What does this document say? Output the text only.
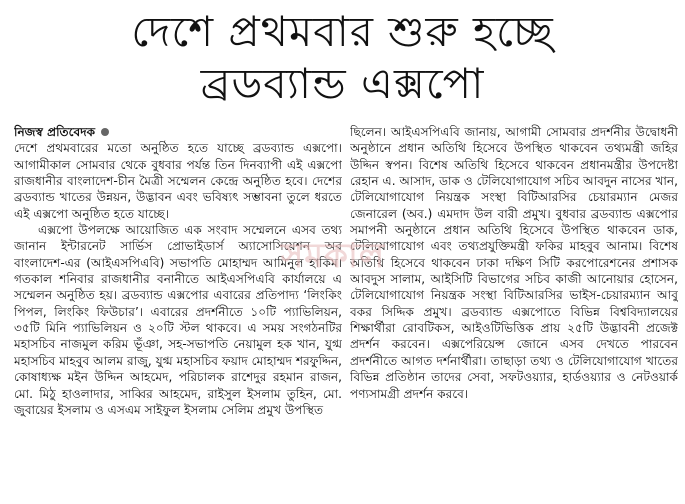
দেশে প্রথমবার শুরু হচ্ছে
ব্রডব্যান্ড এক্সপো
নিজস্ব প্রতিবেদক

দেশে প্রথমবারের মতো অনুষ্ঠিত হতে যাচ্ছে ব্রডব্যান্ড এক্সপো। আগামীকাল সোমবার থেকে বুধবার পর্যন্ত তিন দিনব্যাপী এই এক্সপো রাজধানীর বাংলাদেশ-চীন মৈত্রী সম্মেলন কেন্দ্রে অনুষ্ঠিত হবে। দেশের ব্রডব্যান্ড খাতের উন্নয়ন, উদ্ভাবন এবং ভবিষ্যৎ সম্ভাবনা তুলে ধরতে এই এক্সপো অনুষ্ঠিত হতে যাচ্ছে।

এক্সপো উপলক্ষে আয়োজিত এক সংবাদ সম্মেলনে এসব তথ্য জানান ইন্টারনেট সার্ভিস প্রোভাইডার্স অ্যাসোসিয়েশন অব বাংলাদেশ-এর (আইএসপিএবি) সভাপতি মোহাম্মদ আমিনুল হাকিম। গতকাল শনিবার রাজধানীর বনানীতে আইএসপিএবি কার্যালয়ে এ সম্মেলন অনুষ্ঠিত হয়। ব্রডব্যান্ড এক্সপোর এবারের প্রতিপাদ্য ‘লিংকিং পিপল, লিংকিং ফিউচার’। এবারের প্রদর্শনীতে ১০টি প্যাভিলিয়ন, ৩৫টি মিনি প্যাভিলিয়ন ও ২০টি স্টল থাকবে। এ সময় সংগঠনটির মহাসচিব নাজমুল করিম ভূঁঞা, সহ-সভাপতি নেয়ামুল হক খান, যুগ্ম মহাসচিব মাহবুব আলম রাজু, যুগ্ম মহাসচিব ফয়াদ মোহাম্মদ শরফুদ্দিন, কোষাধ্যক্ষ মইন উদ্দিন আহমেদ, পরিচালক রাশেদুর রহমান রাজন, মো. মিঠু হাওলাদার, সাব্বির আহমেদ, রাইসুল ইসলাম তুহিন, মো. জুবায়ের ইসলাম ও এসএম সাইফুল ইসলাম সেলিম প্রমুখ উপস্থিত

ছিলেন। আইএসপিএবি জানায়, আগামী সোমবার প্রদর্শনীর উদ্বোধনী অনুষ্ঠানে প্রধান অতিথি হিসেবে উপস্থিত থাকবেন তথ্যমন্ত্রী জহির উদ্দিন স্বপন। বিশেষ অতিথি হিসেবে থাকবেন প্রধানমন্ত্রীর উপদেষ্টা রেহান এ. আসাদ, ডাক ও টেলিযোগাযোগ সচিব আবদুন নাসের খান, টেলিযোগাযোগ নিয়ন্ত্রক সংস্থা বিটিআরসির চেয়ারম্যান মেজর জেনারেল (অব.) এমদাদ উল বারী প্রমুখ। বুধবার ব্রডব্যান্ড এক্সপোর সমাপনী অনুষ্ঠানে প্রধান অতিথি হিসেবে উপস্থিত থাকবেন ডাক, টেলিযোগাযোগ এবং তথ্যপ্রযুক্তিমন্ত্রী ফকির মাহবুব আনাম। বিশেষ অতিথি হিসেবে থাকবেন ঢাকা দক্ষিণ সিটি করপোরেশনের প্রশাসক আবদুস সালাম, আইসিটি বিভাগের সচিব কাজী আনোয়ার হোসেন, টেলিযোগাযোগ নিয়ন্ত্রক সংস্থা বিটিআরসির ভাইস-চেয়ারম্যান আবু বকর সিদ্দিক প্রমুখ। ব্রডব্যান্ড এক্সপোতে বিভিন্ন বিশ্ববিদ্যালয়ের শিক্ষার্থীরা রোবটিকস, আইওটিভিত্তিক প্রায় ২৫টি উদ্ভাবনী প্রজেক্ট প্রদর্শন করবেন। এক্সপেরিয়েন্স জোনে এসব দেখতে পারবেন প্রদর্শনীতে আগত দর্শনার্থীরা। তাছাড়া তথ্য ও টেলিযোগাযোগ খাতের বিভিন্ন প্রতিষ্ঠান তাদের সেবা, সফটওয়্যার, হার্ডওয়্যার ও নেটওয়ার্ক পণ্যসামগ্রী প্রদর্শন করবে।

সমকাল
